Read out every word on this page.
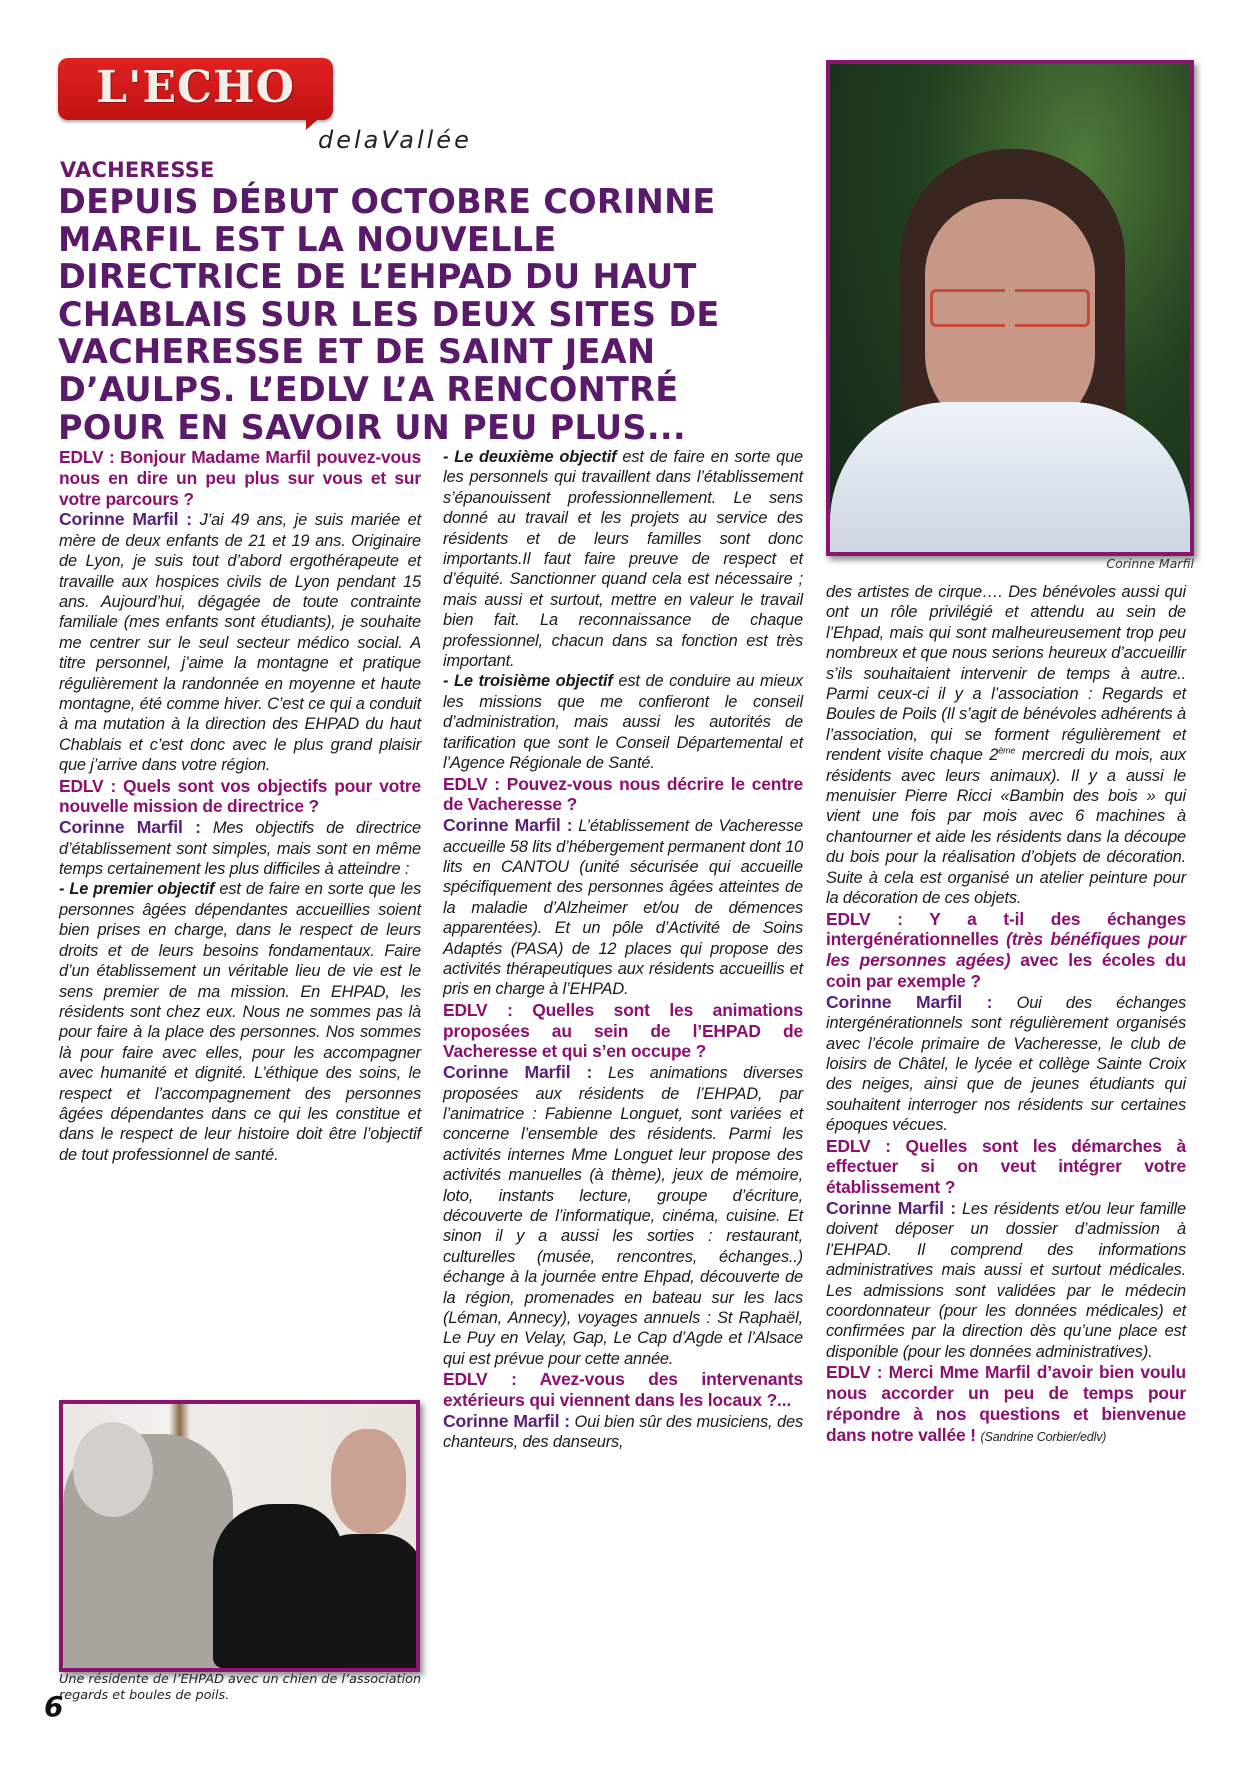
L'ECHO
delaVallée
VACHERESSE
DEPUIS DÉBUT OCTOBRE CORINNE MARFIL EST LA NOUVELLE DIRECTRICE DE L’EHPAD DU HAUT CHABLAIS SUR LES DEUX SITES DE VACHERESSE ET DE SAINT JEAN D’AULPS. L’EDLV L’A RENCONTRÉ POUR EN SAVOIR UN PEU PLUS...
Corinne Marfil
Une résidente de l’EHPAD avec un chien de l’association regards et boules de poils.
6
EDLV : Bonjour Madame Marfil pouvez-vous nous en dire un peu plus sur vous et sur votre parcours ?
Corinne Marfil : J’ai 49 ans, je suis mariée et mère de deux enfants de 21 et 19 ans. Originaire de Lyon, je suis tout d’abord ergothérapeute et travaille aux hospices civils de Lyon pendant 15 ans. Aujourd’hui, dégagée de toute contrainte familiale (mes enfants sont étudiants), je souhaite me centrer sur le seul secteur médico social. A titre personnel, j’aime la montagne et pratique régulièrement la randonnée en moyenne et haute montagne, été comme hiver. C’est ce qui a conduit à ma mutation à la direction des EHPAD du haut Chablais et c’est donc avec le plus grand plaisir que j’arrive dans votre région.
EDLV : Quels sont vos objectifs pour votre nouvelle mission de directrice ?
Corinne Marfil : Mes objectifs de directrice d’établissement sont simples, mais sont en même temps certainement les plus difficiles à atteindre :
- Le premier objectif est de faire en sorte que les personnes âgées dépendantes accueillies soient bien prises en charge, dans le respect de leurs droits et de leurs besoins fondamentaux. Faire d’un établissement un véritable lieu de vie est le sens premier de ma mission. En EHPAD, les résidents sont chez eux. Nous ne sommes pas là pour faire à la place des personnes. Nos sommes là pour faire avec elles, pour les accompagner avec humanité et dignité. L’éthique des soins, le respect et l’accompagnement des personnes âgées dépendantes dans ce qui les constitue et dans le respect de leur histoire doit être l’objectif de tout professionnel de santé.
- Le deuxième objectif est de faire en sorte que les personnels qui travaillent dans l’établissement s’épanouissent professionnellement. Le sens donné au travail et les projets au service des résidents et de leurs familles sont donc importants.Il faut faire preuve de respect et d’équité. Sanctionner quand cela est nécessaire ; mais aussi et surtout, mettre en valeur le travail bien fait. La reconnaissance de chaque professionnel, chacun dans sa fonction est très important.
- Le troisième objectif est de conduire au mieux les missions que me confieront le conseil d’administration, mais aussi les autorités de tarification que sont le Conseil Départemental et l’Agence Régionale de Santé.
EDLV : Pouvez-vous nous décrire le centre de Vacheresse ?
Corinne Marfil : L’établissement de Vacheresse accueille 58 lits d’hébergement permanent dont 10 lits en CANTOU (unité sécurisée qui accueille spécifiquement des personnes âgées atteintes de la maladie d’Alzheimer et/ou de démences apparentées). Et un pôle d’Activité de Soins Adaptés (PASA) de 12 places qui propose des activités thérapeutiques aux résidents accueillis et pris en charge à l’EHPAD.
EDLV : Quelles sont les animations proposées au sein de l’EHPAD de Vacheresse et qui s’en occupe ?
Corinne Marfil : Les animations diverses proposées aux résidents de l’EHPAD, par l’animatrice : Fabienne Longuet, sont variées et concerne l’ensemble des résidents. Parmi les activités internes Mme Longuet leur propose des activités manuelles (à thème), jeux de mémoire, loto, instants lecture, groupe d’écriture, découverte de l’informatique, cinéma, cuisine. Et sinon il y a aussi les sorties : restaurant, culturelles (musée, rencontres, échanges..) échange à la journée entre Ehpad, découverte de la région, promenades en bateau sur les lacs (Léman, Annecy), voyages annuels : St Raphaël, Le Puy en Velay, Gap, Le Cap d’Agde et l’Alsace qui est prévue pour cette année.
EDLV : Avez-vous des intervenants extérieurs qui viennent dans les locaux ?...
Corinne Marfil : Oui bien sûr des musiciens, des chanteurs, des danseurs,
des artistes de cirque…. Des bénévoles aussi qui ont un rôle privilégié et attendu au sein de l’Ehpad, mais qui sont malheureusement trop peu nombreux et que nous serions heureux d’accueillir s’ils souhaitaient intervenir de temps à autre.. Parmi ceux-ci il y a l’association : Regards et Boules de Poils (Il s’agit de bénévoles adhérents à l’association, qui se forment régulièrement et rendent visite chaque 2ème mercredi du mois, aux résidents avec leurs animaux). Il y a aussi le menuisier Pierre Ricci «Bambin des bois » qui vient une fois par mois avec 6 machines à chantourner et aide les résidents dans la découpe du bois pour la réalisation d’objets de décoration. Suite à cela est organisé un atelier peinture pour la décoration de ces objets.
EDLV : Y a t-il des échanges intergénérationnelles (très bénéfiques pour les personnes agées) avec les écoles du coin par exemple ?
Corinne Marfil : Oui des échanges intergénérationnels sont régulièrement organisés avec l’école primaire de Vacheresse, le club de loisirs de Châtel, le lycée et collège Sainte Croix des neiges, ainsi que de jeunes étudiants qui souhaitent interroger nos résidents sur certaines époques vécues.
EDLV : Quelles sont les démarches à effectuer si on veut intégrer votre établissement ?
Corinne Marfil : Les résidents et/ou leur famille doivent déposer un dossier d’admission à l’EHPAD. Il comprend des informations administratives mais aussi et surtout médicales. Les admissions sont validées par le médecin coordonnateur (pour les données médicales) et confirmées par la direction dès qu’une place est disponible (pour les données administratives).
EDLV : Merci Mme Marfil d’avoir bien voulu nous accorder un peu de temps pour répondre à nos questions et bienvenue dans notre vallée ! (Sandrine Corbier/edlv)
